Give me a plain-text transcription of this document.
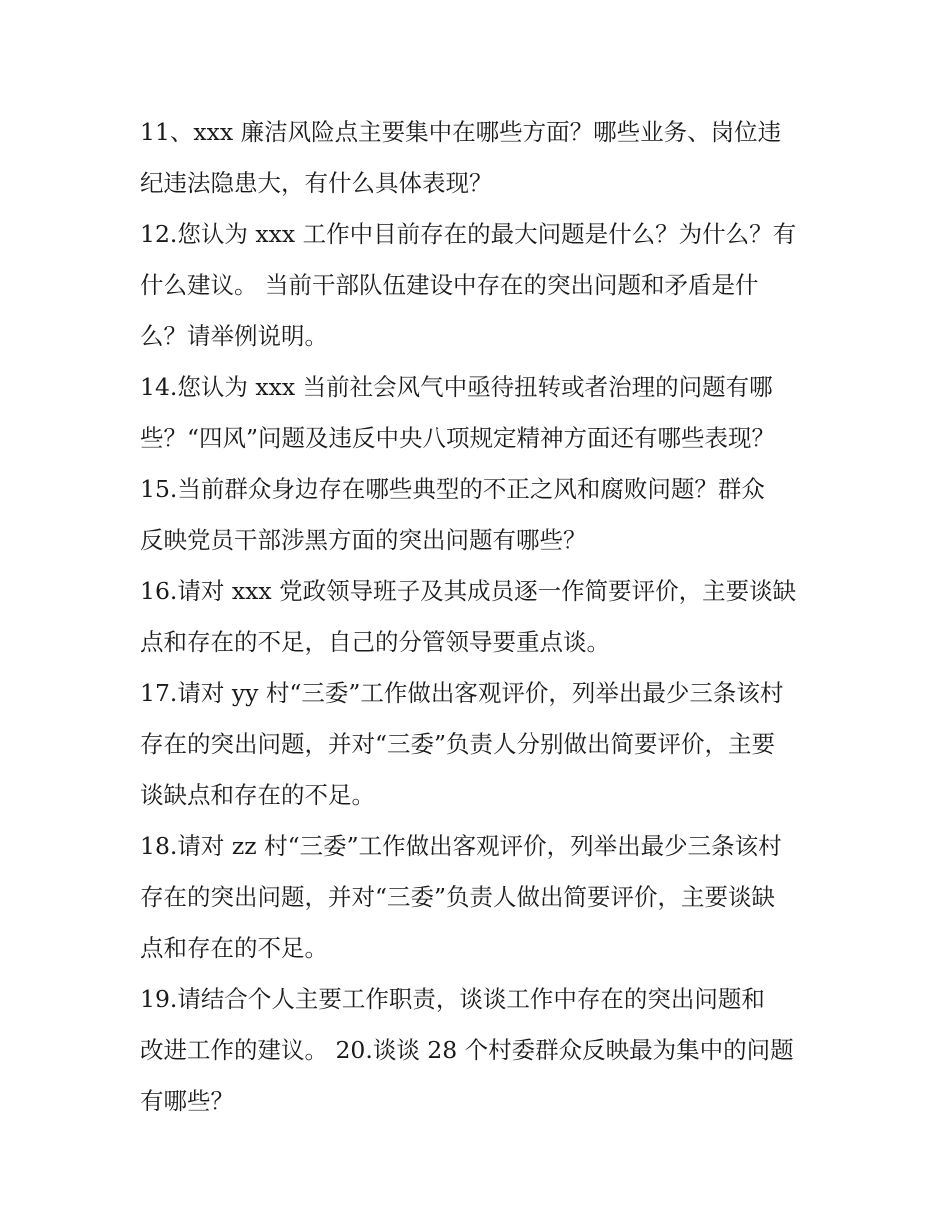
11、xxx 廉洁风险点主要集中在哪些方面？哪些业务、岗位违
纪违法隐患大，有什么具体表现？
12.您认为 xxx 工作中目前存在的最大问题是什么？为什么？有
什么建议。 当前干部队伍建设中存在的突出问题和矛盾是什
么？请举例说明。
14.您认为 xxx 当前社会风气中亟待扭转或者治理的问题有哪
些？“四风”问题及违反中央八项规定精神方面还有哪些表现？
15.当前群众身边存在哪些典型的不正之风和腐败问题？群众
反映党员干部涉黑方面的突出问题有哪些？
16.请对 xxx 党政领导班子及其成员逐一作简要评价，主要谈缺
点和存在的不足，自己的分管领导要重点谈。
17.请对 yy 村“三委”工作做出客观评价，列举出最少三条该村
存在的突出问题，并对“三委”负责人分别做出简要评价，主要
谈缺点和存在的不足。
18.请对 zz 村“三委”工作做出客观评价，列举出最少三条该村
存在的突出问题，并对“三委”负责人做出简要评价，主要谈缺
点和存在的不足。
19.请结合个人主要工作职责，谈谈工作中存在的突出问题和
改进工作的建议。 20.谈谈 28 个村委群众反映最为集中的问题
有哪些？
